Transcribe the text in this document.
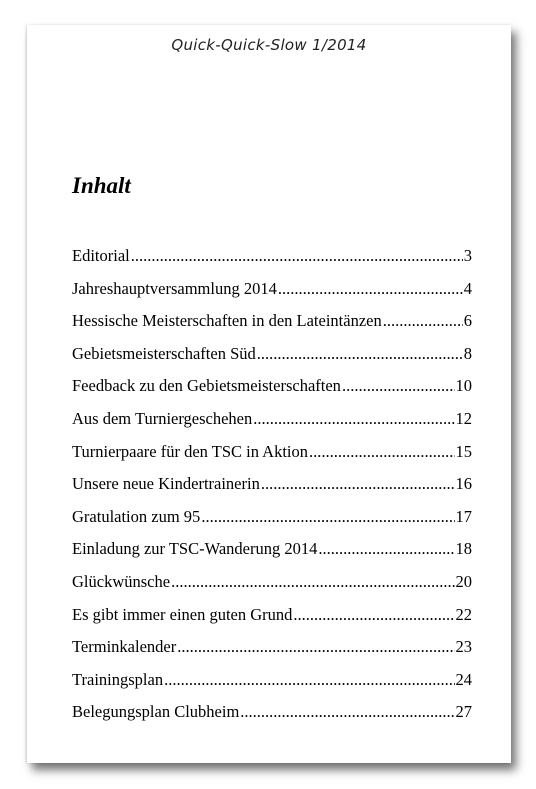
Quick-Quick-Slow 1/2014
Inhalt
Editorial .....	3
Jahreshauptversammlung 2014 .....	4
Hessische Meisterschaften in den Lateintänzen .....	6
Gebietsmeisterschaften Süd .....	8
Feedback zu den Gebietsmeisterschaften .....	10
Aus dem Turniergeschehen .....	12
Turnierpaare für den TSC in Aktion .....	15
Unsere neue Kindertrainerin .....	16
Gratulation zum 95 .....	17
Einladung zur TSC-Wanderung 2014 .....	18
Glückwünsche .....	20
Es gibt immer einen guten Grund .....	22
Terminkalender .....	23
Trainingsplan .....	24
Belegungsplan Clubheim .....	27
